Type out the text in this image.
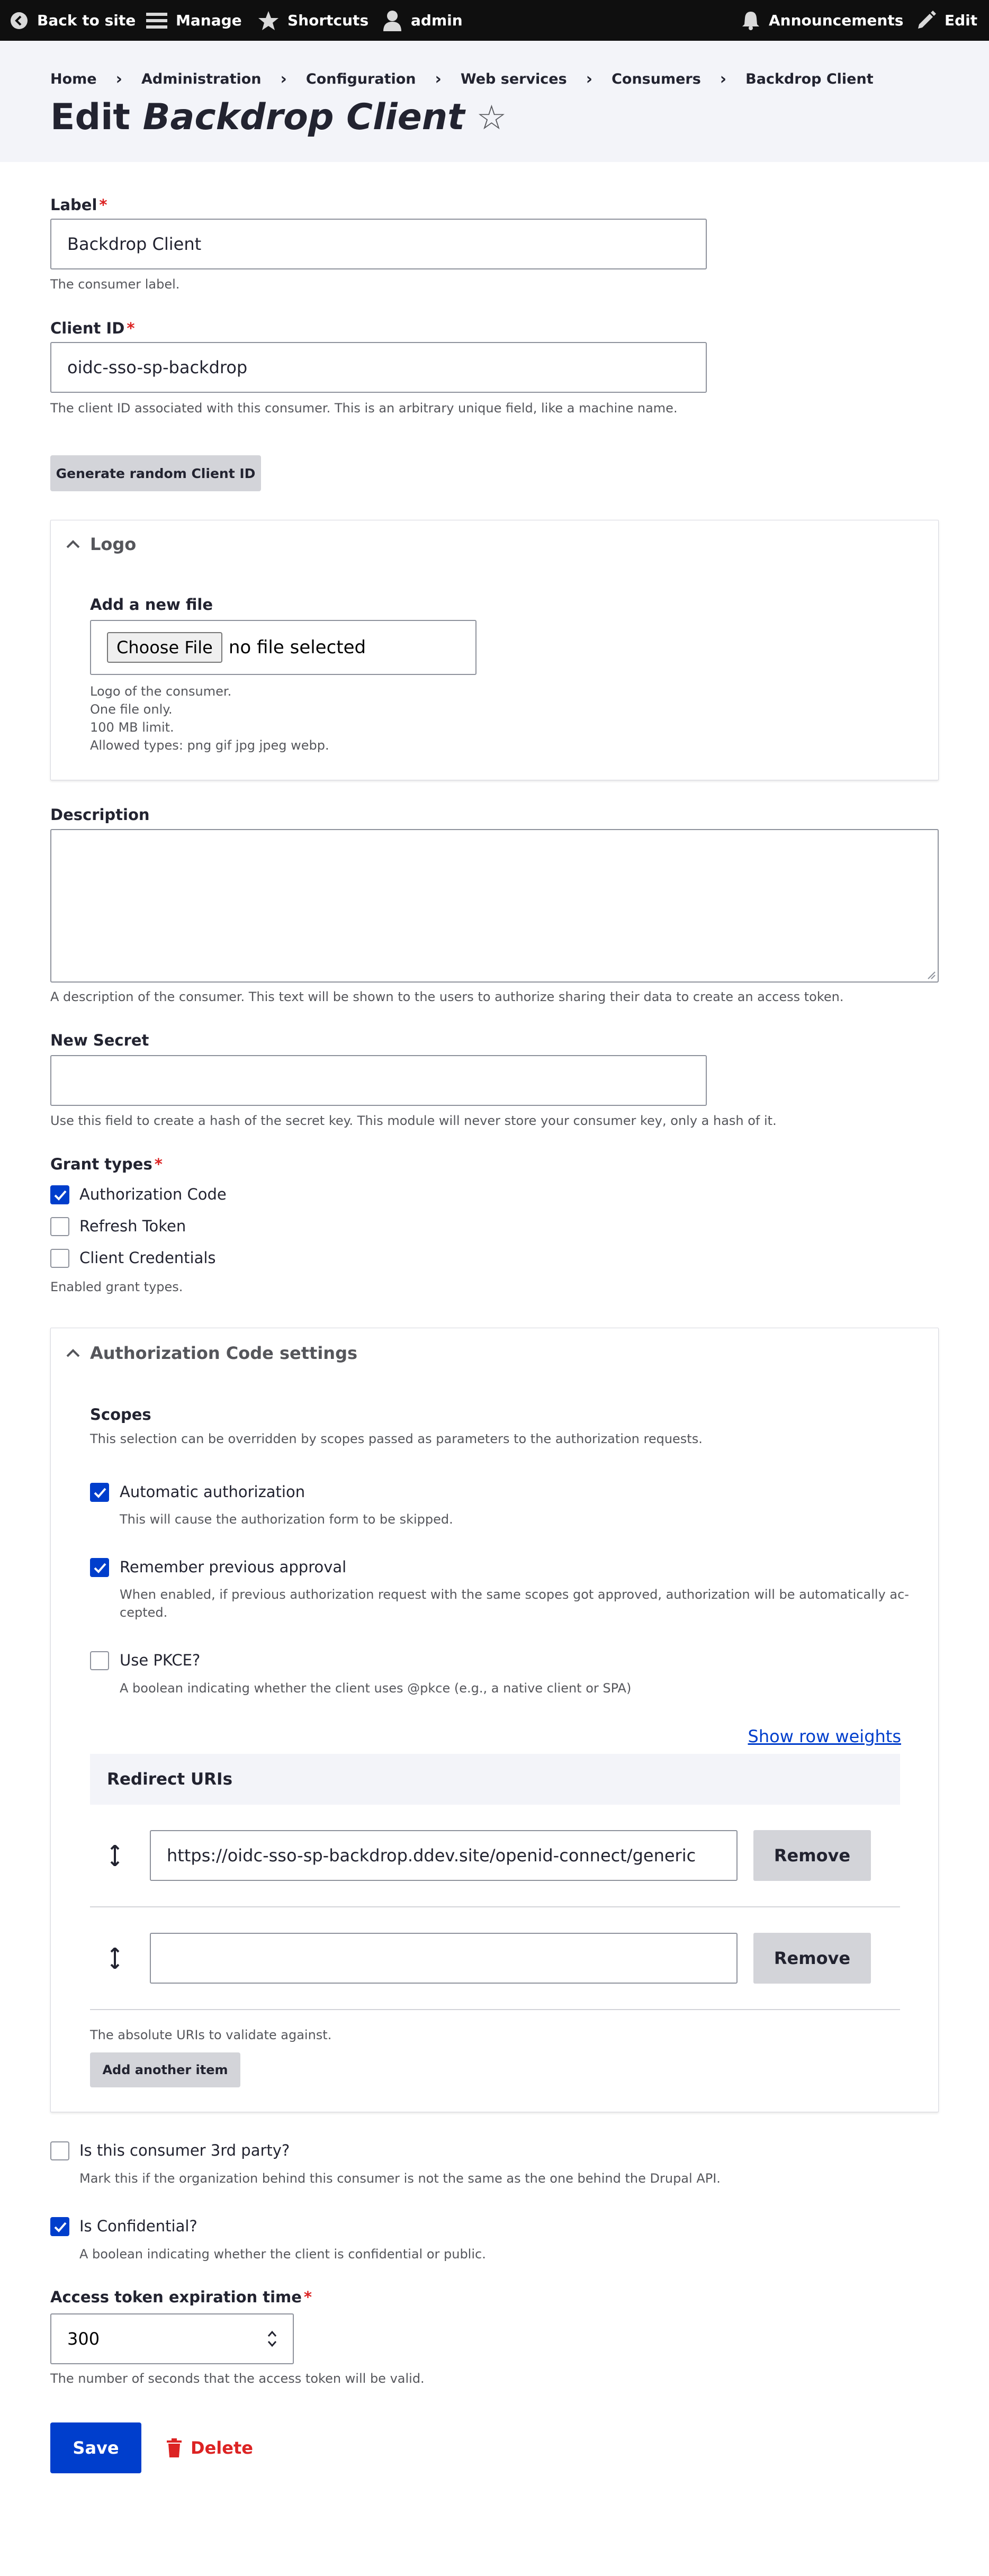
Back to site	Manage	Shortcuts	admin	Announcements	Edit
Home › Administration › Configuration › Web services › Consumers › Backdrop Client
Edit Backdrop Client ☆
Label *
Backdrop Client
The consumer label.
Client ID *
oidc-sso-sp-backdrop
The client ID associated with this consumer. This is an arbitrary unique field, like a machine name.
Generate random Client ID
Logo
Add a new file
Choose File no file selected
Logo of the consumer.
One file only.
100 MB limit.
Allowed types: png gif jpg jpeg webp.
Description
A description of the consumer. This text will be shown to the users to authorize sharing their data to create an access token.
New Secret
Use this field to create a hash of the secret key. This module will never store your consumer key, only a hash of it.
Grant types *
Authorization Code
Refresh Token
Client Credentials
Enabled grant types.
Authorization Code settings
Scopes
This selection can be overridden by scopes passed as parameters to the authorization requests.
Automatic authorization
This will cause the authorization form to be skipped.
Remember previous approval
When enabled, if previous authorization request with the same scopes got approved, authorization will be automatically ac-
cepted.
Use PKCE?
A boolean indicating whether the client uses @pkce (e.g., a native client or SPA)
Show row weights
Redirect URIs
https://oidc-sso-sp-backdrop.ddev.site/openid-connect/generic	Remove
Remove
The absolute URIs to validate against.
Add another item
Is this consumer 3rd party?
Mark this if the organization behind this consumer is not the same as the one behind the Drupal API.
Is Confidential?
A boolean indicating whether the client is confidential or public.
Access token expiration time *
300
The number of seconds that the access token will be valid.
Save	Delete
